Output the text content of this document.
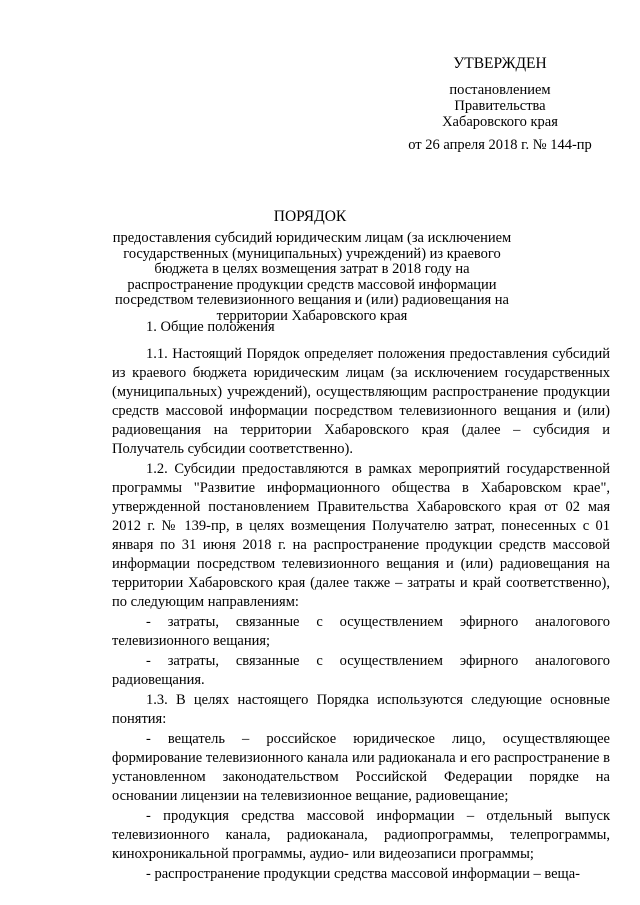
УТВЕРЖДЕН
постановлением
Правительства
Хабаровского края
от 26 апреля 2018 г. № 144-пр
ПОРЯДОК
предоставления субсидий юридическим лицам (за исключением государственных (муниципальных) учреждений) из краевого бюджета в целях возмещения затрат в 2018 году на распространение продукции средств массовой информации посредством телевизионного вещания и (или) радиовещания на территории Хабаровского края

1. Общие положения

1.1. Настоящий Порядок определяет положения предоставления субсидий из краевого бюджета юридическим лицам (за исключением государственных (муниципальных) учреждений), осуществляющим распространение продукции средств массовой информации посредством телевизионного вещания и (или) радиовещания на территории Хабаровского края (далее – субсидия и Получатель субсидии соответственно).

1.2. Субсидии предоставляются в рамках мероприятий государственной программы "Развитие информационного общества в Хабаровском крае", утвержденной постановлением Правительства Хабаровского края от 02 мая 2012 г. № 139-пр, в целях возмещения Получателю затрат, понесенных с 01 января по 31 июня 2018 г. на распространение продукции средств массовой информации посредством телевизионного вещания и (или) радиовещания на территории Хабаровского края (далее также – затраты и край соответственно), по следующим направлениям:

- затраты, связанные с осуществлением эфирного аналогового телевизионного вещания;

- затраты, связанные с осуществлением эфирного аналогового радиовещания.

1.3. В целях настоящего Порядка используются следующие основные понятия:

- вещатель – российское юридическое лицо, осуществляющее формирование телевизионного канала или радиоканала и его распространение в установленном законодательством Российской Федерации порядке на основании лицензии на телевизионное вещание, радиовещание;

- продукция средства массовой информации – отдельный выпуск телевизионного канала, радиоканала, радиопрограммы, телепрограммы, кинохроникальной программы, аудио- или видеозаписи программы;

- распространение продукции средства массовой информации – веща-
